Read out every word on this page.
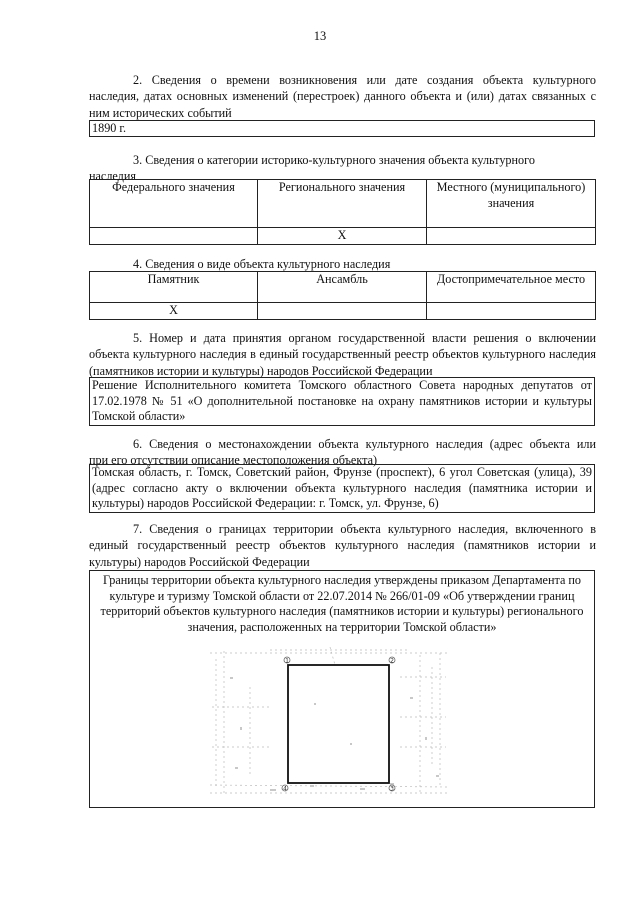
13

2. Сведения о времени возникновения или дате создания объекта культурного
наследия, датах основных изменений (перестроек) данного объекта и (или) датах связанных с ним исторических событий

1890 г.

3. Сведения о категории историко-культурного значения объекта культурного
наследия

Федерального значения	Регионального значения	Местного (муниципального) значения
	Х	

4. Сведения о виде объекта культурного наследия

Памятник	Ансамбль	Достопримечательное место
Х		

5. Номер и дата принятия органом государственной власти решения о включении
объекта культурного наследия в единый государственный реестр объектов культурного наследия (памятников истории и культуры) народов Российской Федерации

Решение Исполнительного комитета Томского областного Совета народных депутатов от 17.02.1978 № 51 «О дополнительной постановке на охрану памятников истории и культуры Томской области»

6. Сведения о местонахождении объекта культурного наследия (адрес объекта или
при его отсутствии описание местоположения объекта)

Томская область, г. Томск, Советский район, Фрунзе (проспект), 6 угол Советская (улица), 39 (адрес согласно акту о включении объекта культурного наследия (памятника истории и культуры) народов Российской Федерации: г. Томск, ул. Фрунзе, 6)

7. Сведения о границах территории объекта культурного наследия, включенного в
единый государственный реестр объектов культурного наследия (памятников истории и культуры) народов Российской Федерации

Границы территории объекта культурного наследия утверждены приказом Департамента по культуре и туризму Томской области от 22.07.2014 № 266/01-09 «Об утверждении границ территорий объектов культурного наследия (памятников истории и культуры) регионального значения, расположенных на территории Томской области»
1	2
3
4
